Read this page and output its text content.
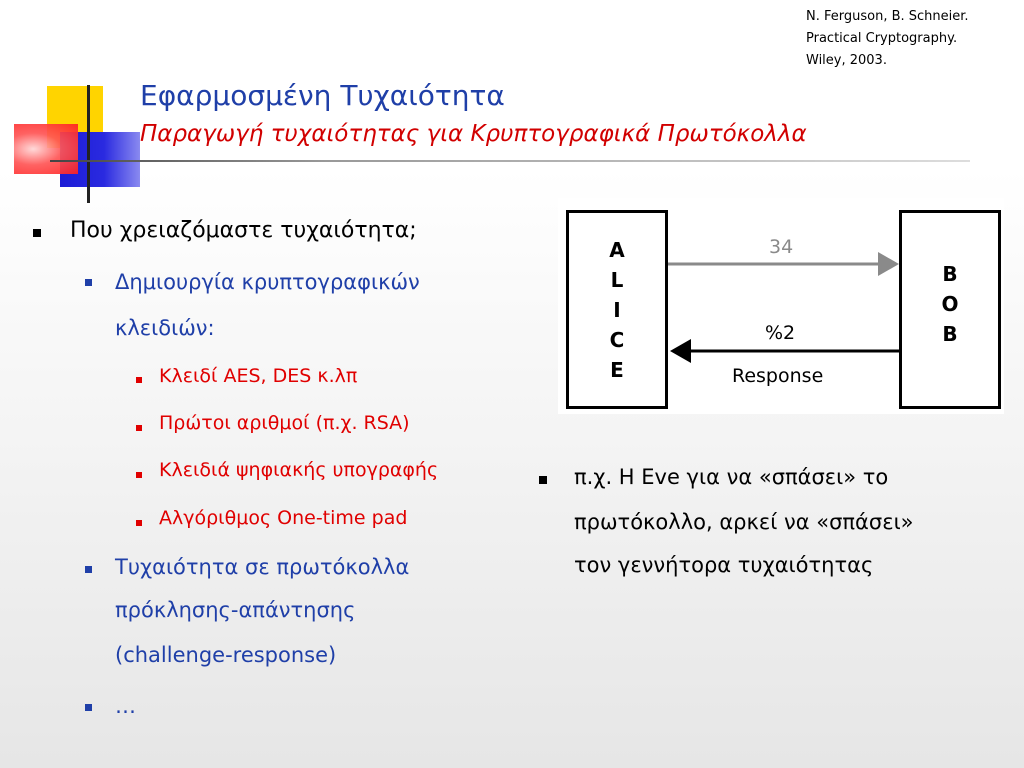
N. Ferguson, B. Schneier.
Practical Cryptography.
Wiley, 2003.
Εφαρμοσμένη Τυχαιότητα
Παραγωγή τυχαιότητας για Κρυπτογραφικά Πρωτόκολλα
Που χρειαζόμαστε τυχαιότητα;
Δημιουργία κρυπτογραφικών
κλειδιών:
Κλειδί AES, DES κ.λπ
Πρώτοι αριθμοί (π.χ. RSA)
Κλειδιά ψηφιακής υπογραφής
Αλγόριθμος One-time pad
Τυχαιότητα σε πρωτόκολλα
πρόκλησης-απάντησης
(challenge-response)
…
A
L
I
C
E
B
O
B
34
%2
Response
π.χ. Η Eve για να «σπάσει» το
πρωτόκολλο, αρκεί να «σπάσει»
τον γεννήτορα τυχαιότητας
